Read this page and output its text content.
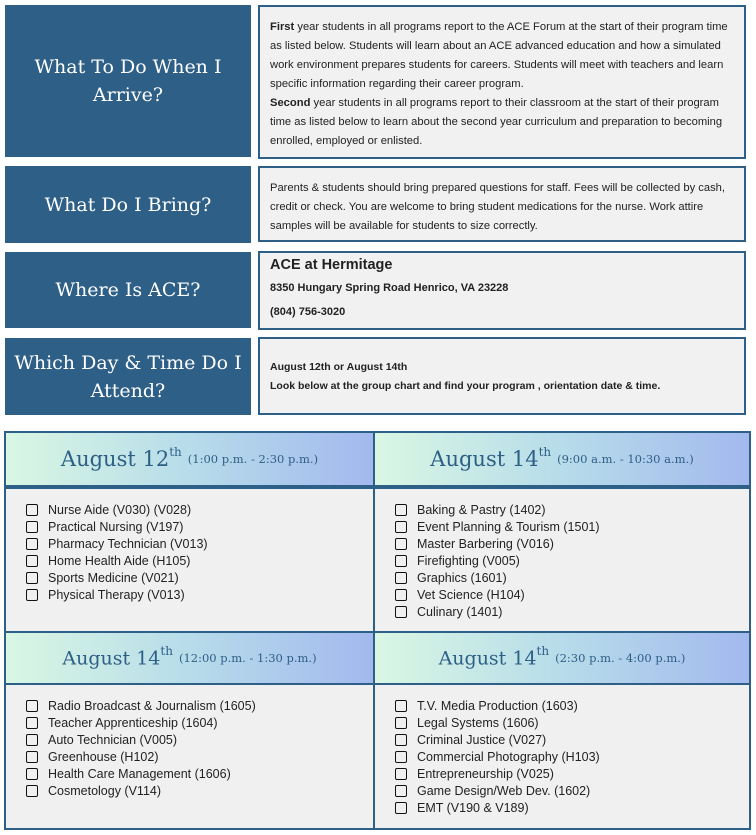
What To Do When I
Arrive?

First year students in all programs report to the ACE Forum at the start of their program time as listed below. Students will learn about an ACE advanced education and how a simulated work environment prepares students for careers. Students will meet with teachers and learn specific information regarding their career program.

Second year students in all programs report to their classroom at the start of their program time as listed below to learn about the second year curriculum and preparation to becoming enrolled, employed or enlisted.

What Do I Bring?

Parents & students should bring prepared questions for staff. Fees will be collected by cash, credit or check. You are welcome to bring student medications for the nurse. Work attire samples will be available for students to size correctly.

Where Is ACE?

ACE at Hermitage

8350 Hungary Spring Road Henrico, VA 23228

(804) 756-3020

Which Day & Time Do I
Attend?

August 12th or August 14th

Look below at the group chart and find your program , orientation date & time.

August 12th (1:00 p.m. - 2:30 p.m.)
Nurse Aide (V030) (V028)
Practical Nursing (V197)
Pharmacy Technician (V013)
Home Health Aide (H105)
Sports Medicine (V021)
Physical Therapy (V013)
August 14th (9:00 a.m. - 10:30 a.m.)
Baking & Pastry (1402)
Event Planning & Tourism (1501)
Master Barbering (V016)
Firefighting (V005)
Graphics (1601)
Vet Science (H104)
Culinary (1401)
August 14th (12:00 p.m. - 1:30 p.m.)
Radio Broadcast & Journalism (1605)
Teacher Apprenticeship (1604)
Auto Technician (V005)
Greenhouse (H102)
Health Care Management (1606)
Cosmetology (V114)
August 14th (2:30 p.m. - 4:00 p.m.)
T.V. Media Production (1603)
Legal Systems (1606)
Criminal Justice (V027)
Commercial Photography (H103)
Entrepreneurship (V025)
Game Design/Web Dev. (1602)
EMT (V190 & V189)
